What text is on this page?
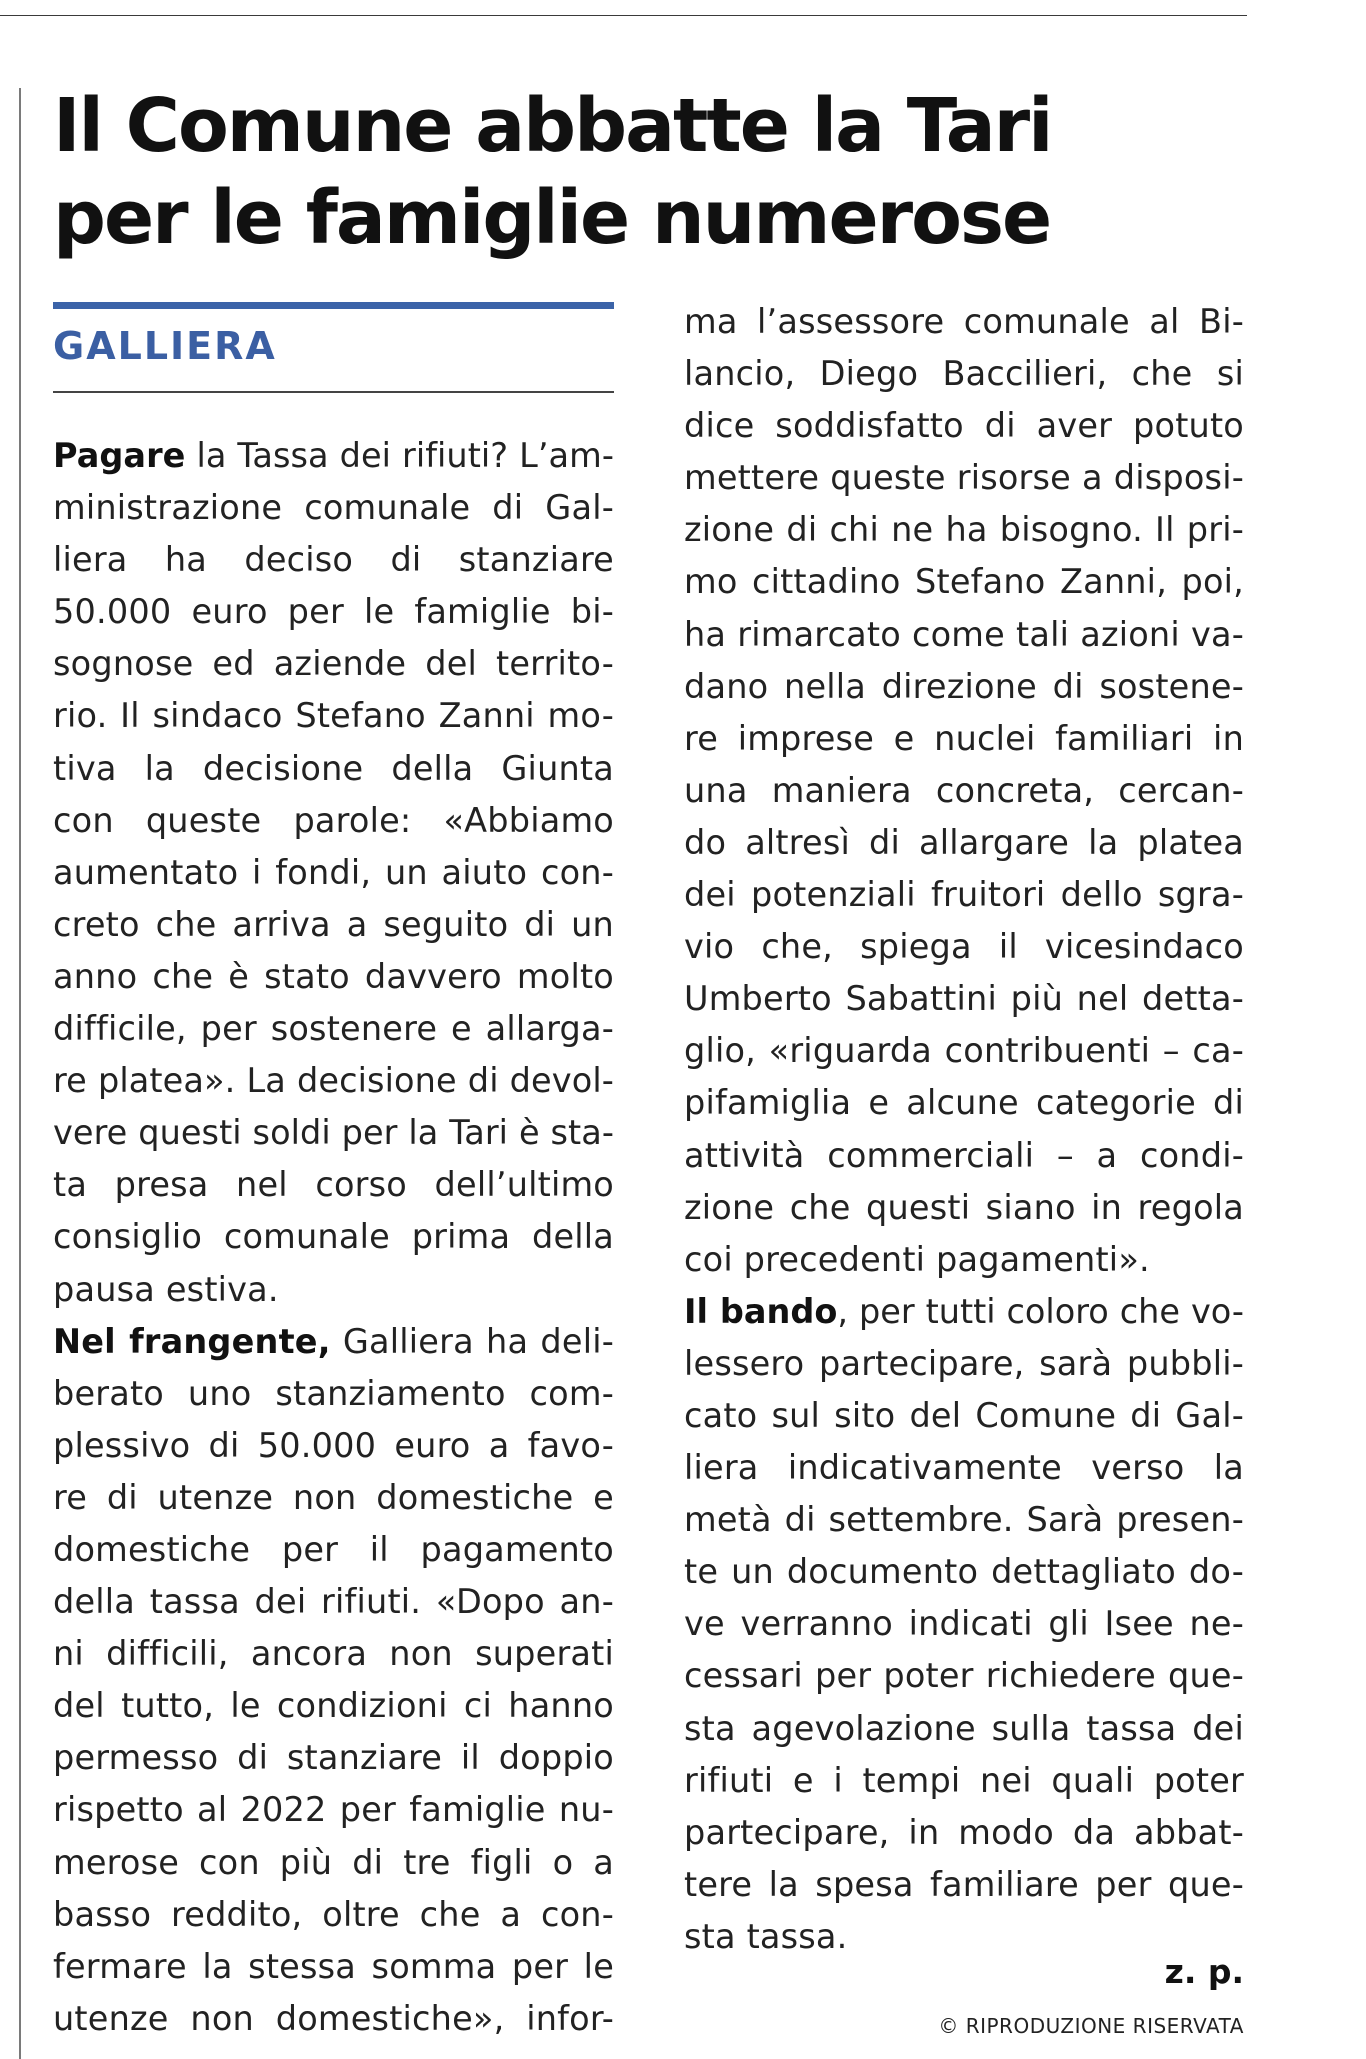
Il Comune abbatte la Tari
per le famiglie numerose

GALLIERA

Pagare la Tassa dei rifiuti? L’am-
ministrazione comunale di Gal-
liera ha deciso di stanziare
50.000 euro per le famiglie bi-
sognose ed aziende del territo-
rio. Il sindaco Stefano Zanni mo-
tiva la decisione della Giunta
con queste parole: «Abbiamo
aumentato i fondi, un aiuto con-
creto che arriva a seguito di un
anno che è stato davvero molto
difficile, per sostenere e allarga-
re platea». La decisione di devol-
vere questi soldi per la Tari è sta-
ta presa nel corso dell’ultimo
consiglio comunale prima della
pausa estiva.
Nel frangente, Galliera ha deli-
berato uno stanziamento com-
plessivo di 50.000 euro a favo-
re di utenze non domestiche e
domestiche per il pagamento
della tassa dei rifiuti. «Dopo an-
ni difficili, ancora non superati
del tutto, le condizioni ci hanno
permesso di stanziare il doppio
rispetto al 2022 per famiglie nu-
merose con più di tre figli o a
basso reddito, oltre che a con-
fermare la stessa somma per le
utenze non domestiche», infor-
ma l’assessore comunale al Bi-
lancio, Diego Baccilieri, che si
dice soddisfatto di aver potuto
mettere queste risorse a disposi-
zione di chi ne ha bisogno. Il pri-
mo cittadino Stefano Zanni, poi,
ha rimarcato come tali azioni va-
dano nella direzione di sostene-
re imprese e nuclei familiari in
una maniera concreta, cercan-
do altresì di allargare la platea
dei potenziali fruitori dello sgra-
vio che, spiega il vicesindaco
Umberto Sabattini più nel detta-
glio, «riguarda contribuenti – ca-
pifamiglia e alcune categorie di
attività commerciali – a condi-
zione che questi siano in regola
coi precedenti pagamenti».
Il bando, per tutti coloro che vo-
lessero partecipare, sarà pubbli-
cato sul sito del Comune di Gal-
liera indicativamente verso la
metà di settembre. Sarà presen-
te un documento dettagliato do-
ve verranno indicati gli Isee ne-
cessari per poter richiedere que-
sta agevolazione sulla tassa dei
rifiuti e i tempi nei quali poter
partecipare, in modo da abbat-
tere la spesa familiare per que-
sta tassa.

z. p.

© RIPRODUZIONE RISERVATA
